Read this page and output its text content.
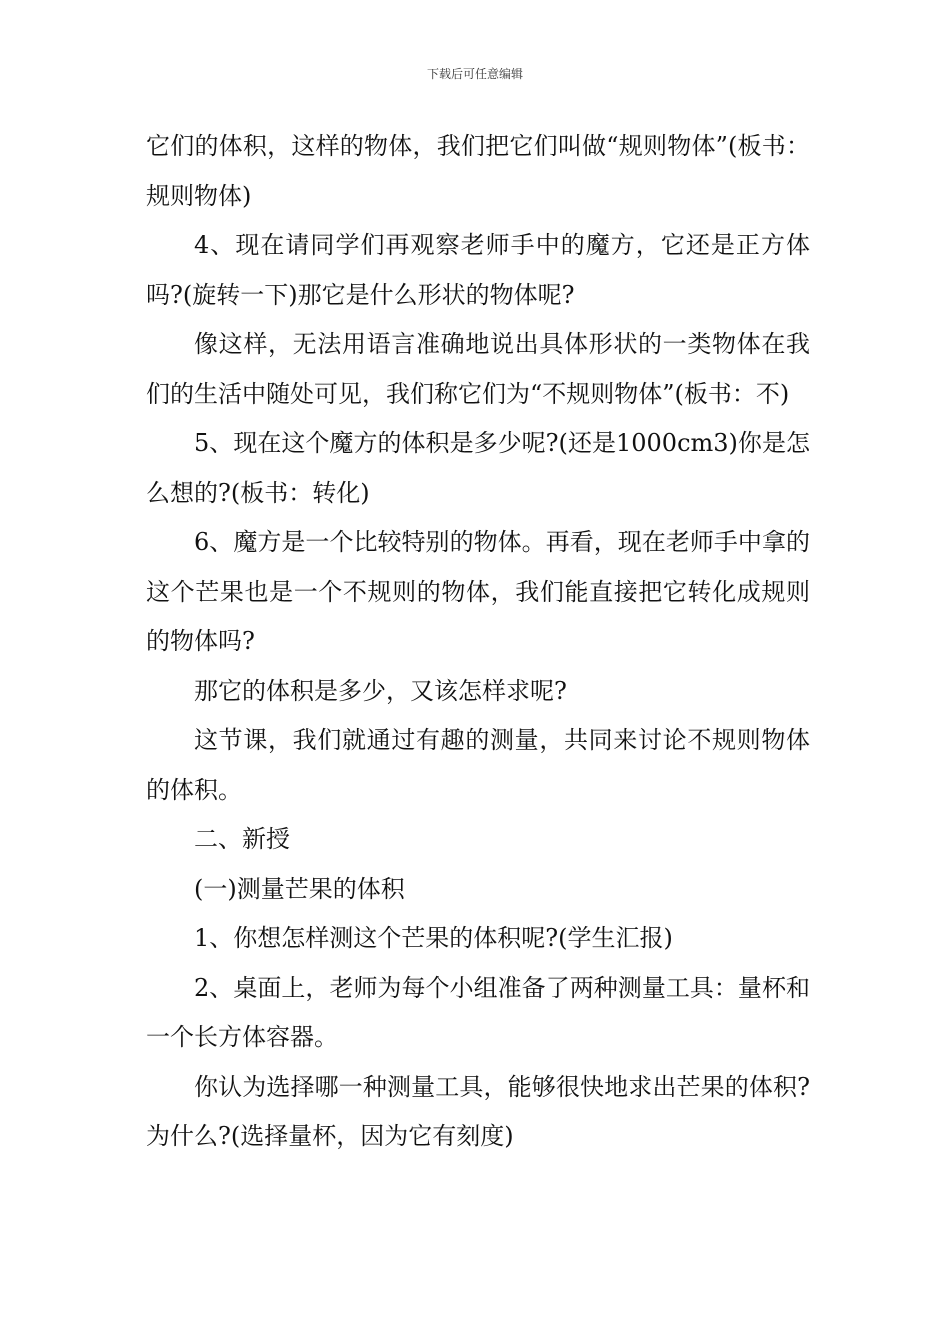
下载后可任意编辑

它们的体积，这样的物体，我们把它们叫做“规则物体”(板书：规则物体)

4、现在请同学们再观察老师手中的魔方，它还是正方体吗?(旋转一下)那它是什么形状的物体呢?

像这样，无法用语言准确地说出具体形状的一类物体在我们的生活中随处可见，我们称它们为“不规则物体”(板书：不)

5、现在这个魔方的体积是多少呢?(还是1000cm3)你是怎么想的?(板书：转化)

6、魔方是一个比较特别的物体。再看，现在老师手中拿的这个芒果也是一个不规则的物体，我们能直接把它转化成规则的物体吗?

那它的体积是多少，又该怎样求呢?

这节课，我们就通过有趣的测量，共同来讨论不规则物体的体积。

二、新授

(一)测量芒果的体积

1、你想怎样测这个芒果的体积呢?(学生汇报)

2、桌面上，老师为每个小组准备了两种测量工具：量杯和一个长方体容器。

你认为选择哪一种测量工具，能够很快地求出芒果的体积?为什么?(选择量杯，因为它有刻度)
